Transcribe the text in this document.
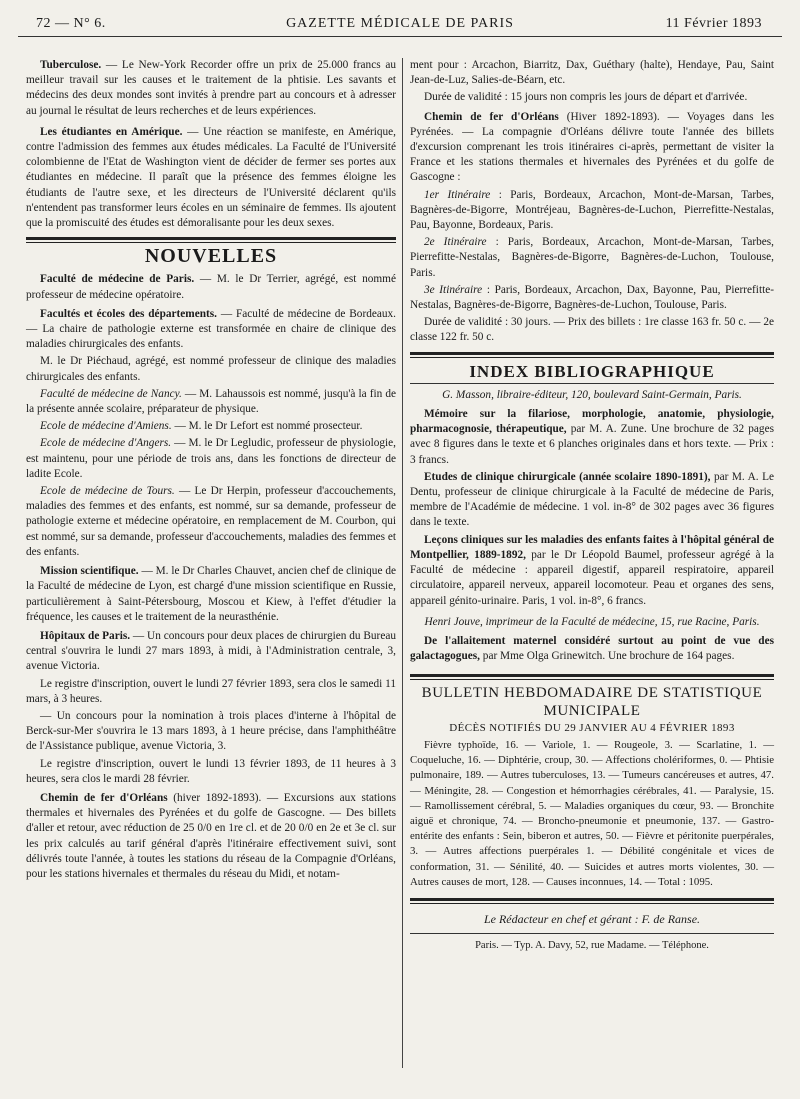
72 — N° 6.	GAZETTE MÉDICALE DE PARIS	11 Février 1893

Tuberculose. — Le New-York Recorder offre un prix de 25.000 francs au meilleur travail sur les causes et le traitement de la phtisie. Les savants et médecins des deux mondes sont invités à prendre part au concours et à adresser au journal le résultat de leurs recherches et de leurs expériences.

Les étudiantes en Amérique. — Une réaction se manifeste, en Amérique, contre l'admission des femmes aux études médicales. La Faculté de l'Université colombienne de l'Etat de Washington vient de décider de fermer ses portes aux étudiantes en médecine. Il paraît que la présence des femmes éloigne les étudiants de l'autre sexe, et les directeurs de l'Université déclarent qu'ils n'entendent pas transformer leurs écoles en un séminaire de femmes. Ils ajoutent que la promiscuité des études est démoralisante pour les deux sexes.

NOUVELLES

Faculté de médecine de Paris. — M. le Dr Terrier, agrégé, est nommé professeur de médecine opératoire.

Facultés et écoles des départements. — Faculté de médecine de Bordeaux. — La chaire de pathologie externe est transformée en chaire de clinique des maladies chirurgicales des enfants.

M. le Dr Piéchaud, agrégé, est nommé professeur de clinique des maladies chirurgicales des enfants.

Faculté de médecine de Nancy. — M. Lahaussois est nommé, jusqu'à la fin de la présente année scolaire, préparateur de physique.

Ecole de médecine d'Amiens. — M. le Dr Lefort est nommé prosecteur.

Ecole de médecine d'Angers. — M. le Dr Legludic, professeur de physiologie, est maintenu, pour une période de trois ans, dans les fonctions de directeur de ladite Ecole.

Ecole de médecine de Tours. — Le Dr Herpin, professeur d'accouchements, maladies des femmes et des enfants, est nommé, sur sa demande, professeur de pathologie externe et médecine opératoire, en remplacement de M. Courbon, qui est nommé, sur sa demande, professeur d'accouchements, maladies des femmes et des enfants.

Mission scientifique. — M. le Dr Charles Chauvet, ancien chef de clinique de la Faculté de médecine de Lyon, est chargé d'une mission scientifique en Russie, particulièrement à Saint-Pétersbourg, Moscou et Kiew, à l'effet d'étudier la fréquence, les causes et le traitement de la neurasthénie.

Hôpitaux de Paris. — Un concours pour deux places de chirurgien du Bureau central s'ouvrira le lundi 27 mars 1893, à midi, à l'Administration centrale, 3, avenue Victoria.

Le registre d'inscription, ouvert le lundi 27 février 1893, sera clos le samedi 11 mars, à 3 heures.

— Un concours pour la nomination à trois places d'interne à l'hôpital de Berck-sur-Mer s'ouvrira le 13 mars 1893, à 1 heure précise, dans l'amphithéâtre de l'Assistance publique, avenue Victoria, 3.

Le registre d'inscription, ouvert le lundi 13 février 1893, de 11 heures à 3 heures, sera clos le mardi 28 février.

Chemin de fer d'Orléans (hiver 1892-1893). — Excursions aux stations thermales et hivernales des Pyrénées et du golfe de Gascogne. — Des billets d'aller et retour, avec réduction de 25 0/0 en 1re cl. et de 20 0/0 en 2e et 3e cl. sur les prix calculés au tarif général d'après l'itinéraire effectivement suivi, sont délivrés toute l'année, à toutes les stations du réseau de la Compagnie d'Orléans, pour les stations hivernales et thermales du réseau du Midi, et notam-

ment pour : Arcachon, Biarritz, Dax, Guéthary (halte), Hendaye, Pau, Saint Jean-de-Luz, Salies-de-Béarn, etc.

Durée de validité : 15 jours non compris les jours de départ et d'arrivée.

Chemin de fer d'Orléans (Hiver 1892-1893). — Voyages dans les Pyrénées. — La compagnie d'Orléans délivre toute l'année des billets d'excursion comprenant les trois itinéraires ci-après, permettant de visiter la France et les stations thermales et hivernales des Pyrénées et du golfe de Gascogne :

1er Itinéraire : Paris, Bordeaux, Arcachon, Mont-de-Marsan, Tarbes, Bagnères-de-Bigorre, Montréjeau, Bagnères-de-Luchon, Pierrefitte-Nestalas, Pau, Bayonne, Bordeaux, Paris.

2e Itinéraire : Paris, Bordeaux, Arcachon, Mont-de-Marsan, Tarbes, Pierrefitte-Nestalas, Bagnères-de-Bigorre, Bagnères-de-Luchon, Toulouse, Paris.

3e Itinéraire : Paris, Bordeaux, Arcachon, Dax, Bayonne, Pau, Pierrefitte-Nestalas, Bagnères-de-Bigorre, Bagnères-de-Luchon, Toulouse, Paris.

Durée de validité : 30 jours. — Prix des billets : 1re classe 163 fr. 50 c. — 2e classe 122 fr. 50 c.

INDEX BIBLIOGRAPHIQUE

G. Masson, libraire-éditeur, 120, boulevard Saint-Germain, Paris.

Mémoire sur la filariose, morphologie, anatomie, physiologie, pharmacognosie, thérapeutique, par M. A. Zune. Une brochure de 32 pages avec 8 figures dans le texte et 6 planches originales dans et hors texte. — Prix : 3 francs.

Etudes de clinique chirurgicale (année scolaire 1890-1891), par M. A. Le Dentu, professeur de clinique chirurgicale à la Faculté de médecine de Paris, membre de l'Académie de médecine. 1 vol. in-8° de 302 pages avec 36 figures dans le texte.

Leçons cliniques sur les maladies des enfants faites à l'hôpital général de Montpellier, 1889-1892, par le Dr Léopold Baumel, professeur agrégé à la Faculté de médecine : appareil digestif, appareil respiratoire, appareil circulatoire, appareil nerveux, appareil locomoteur. Peau et organes des sens, appareil génito-urinaire. Paris, 1 vol. in-8°, 6 francs.

Henri Jouve, imprimeur de la Faculté de médecine, 15, rue Racine, Paris.

De l'allaitement maternel considéré surtout au point de vue des galactagogues, par Mme Olga Grinewitch. Une brochure de 164 pages.

BULLETIN HEBDOMADAIRE DE STATISTIQUE
MUNICIPALE
DÉCÈS NOTIFIÉS DU 29 JANVIER AU 4 FÉVRIER 1893

Fièvre typhoïde, 16. — Variole, 1. — Rougeole, 3. — Scarlatine, 1. — Coqueluche, 16. — Diphtérie, croup, 30. — Affections cholériformes, 0. — Phtisie pulmonaire, 189. — Autres tuberculoses, 13. — Tumeurs cancéreuses et autres, 47. — Méningite, 28. — Congestion et hémorrhagies cérébrales, 41. — Paralysie, 15. — Ramollissement cérébral, 5. — Maladies organiques du cœur, 93. — Bronchite aiguë et chronique, 74. — Broncho-pneumonie et pneumonie, 137. — Gastro-entérite des enfants : Sein, biberon et autres, 50. — Fièvre et péritonite puerpérales, 3. — Autres affections puerpérales 1. — Débilité congénitale et vices de conformation, 31. — Sénilité, 40. — Suicides et autres morts violentes, 30. — Autres causes de mort, 128. — Causes inconnues, 14. — Total : 1095.

Le Rédacteur en chef et gérant : F. de Ranse.
Paris. — Typ. A. Davy, 52, rue Madame. — Téléphone.
